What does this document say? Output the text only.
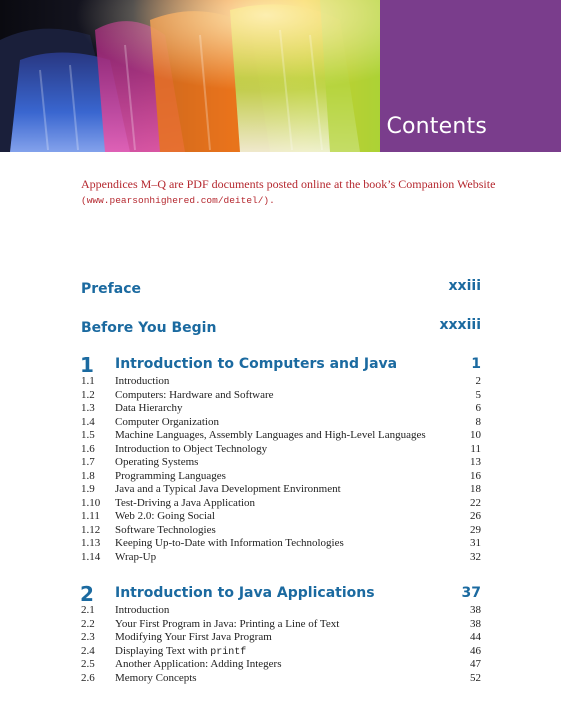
Contents
Appendices M–Q are PDF documents posted online at the book’s Companion Website
(www.pearsonhighered.com/deitel/).
Preface	xxiii
Before You Begin	xxxiii
1 Introduction to Computers and Java	1
1.1 Introduction	2
1.2 Computers: Hardware and Software	5
1.3 Data Hierarchy	6
1.4 Computer Organization	8
1.5 Machine Languages, Assembly Languages and High-Level Languages	10
1.6 Introduction to Object Technology	11
1.7 Operating Systems	13
1.8 Programming Languages	16
1.9 Java and a Typical Java Development Environment	18
1.10 Test-Driving a Java Application	22
1.11 Web 2.0: Going Social	26
1.12 Software Technologies	29
1.13 Keeping Up-to-Date with Information Technologies	31
1.14 Wrap-Up	32
2 Introduction to Java Applications	37
2.1 Introduction	38
2.2 Your First Program in Java: Printing a Line of Text	38
2.3 Modifying Your First Java Program	44
2.4 Displaying Text with printf	46
2.5 Another Application: Adding Integers	47
2.6 Memory Concepts	52
